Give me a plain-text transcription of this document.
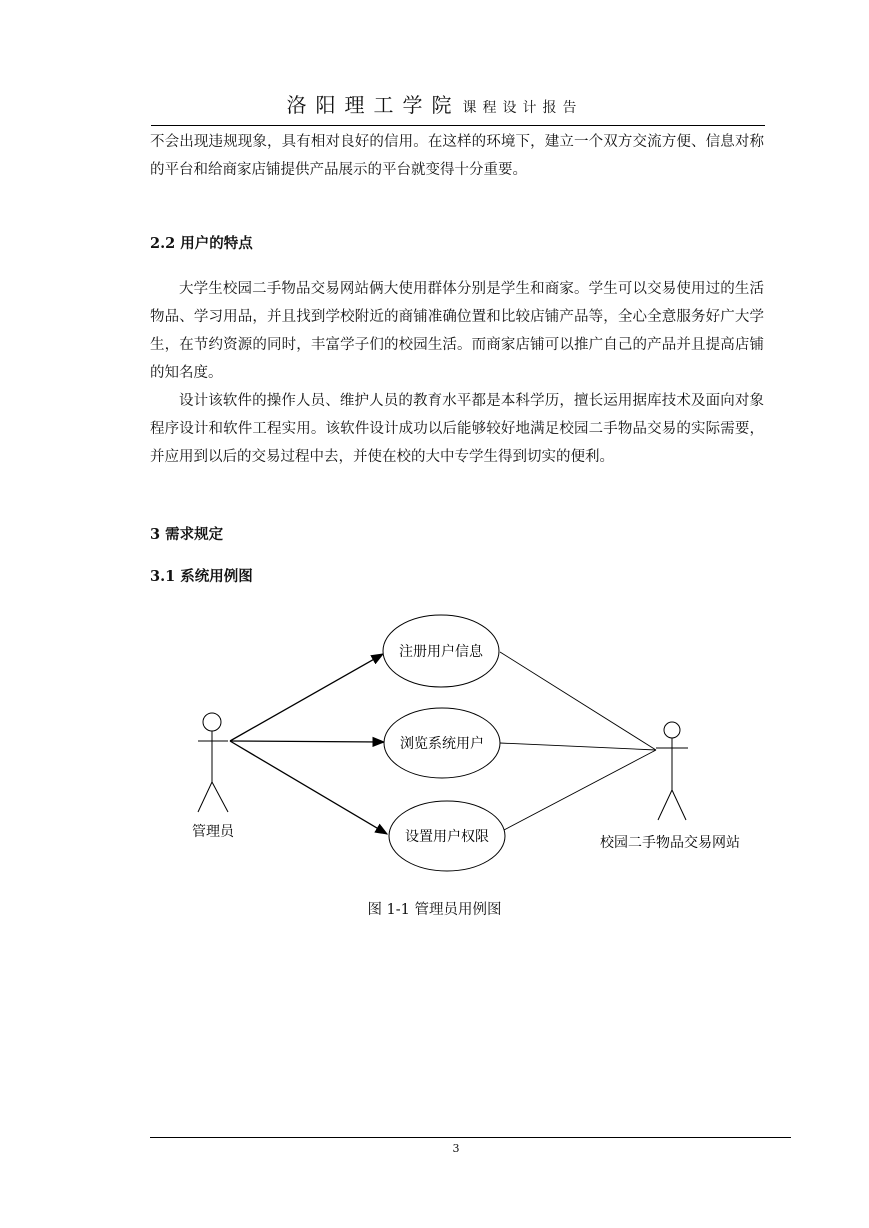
洛阳理工学院 课程设计报告

不会出现违规现象，具有相对良好的信用。在这样的环境下，建立一个双方交流方便、信息对称的平台和给商家店铺提供产品展示的平台就变得十分重要。

2.2 用户的特点

大学生校园二手物品交易网站俩大使用群体分别是学生和商家。学生可以交易使用过的生活物品、学习用品，并且找到学校附近的商铺准确位置和比较店铺产品等，全心全意服务好广大学生，在节约资源的同时，丰富学子们的校园生活。而商家店铺可以推广自己的产品并且提高店铺的知名度。

设计该软件的操作人员、维护人员的教育水平都是本科学历，擅长运用据库技术及面向对象程序设计和软件工程实用。该软件设计成功以后能够较好地满足校园二手物品交易的实际需要，并应用到以后的交易过程中去，并使在校的大中专学生得到切实的便利。

3 需求规定

3.1 系统用例图

管理员
校园二手物品交易网站
注册用户信息
浏览系统用户
设置用户权限
图 1-1 管理员用例图
3
